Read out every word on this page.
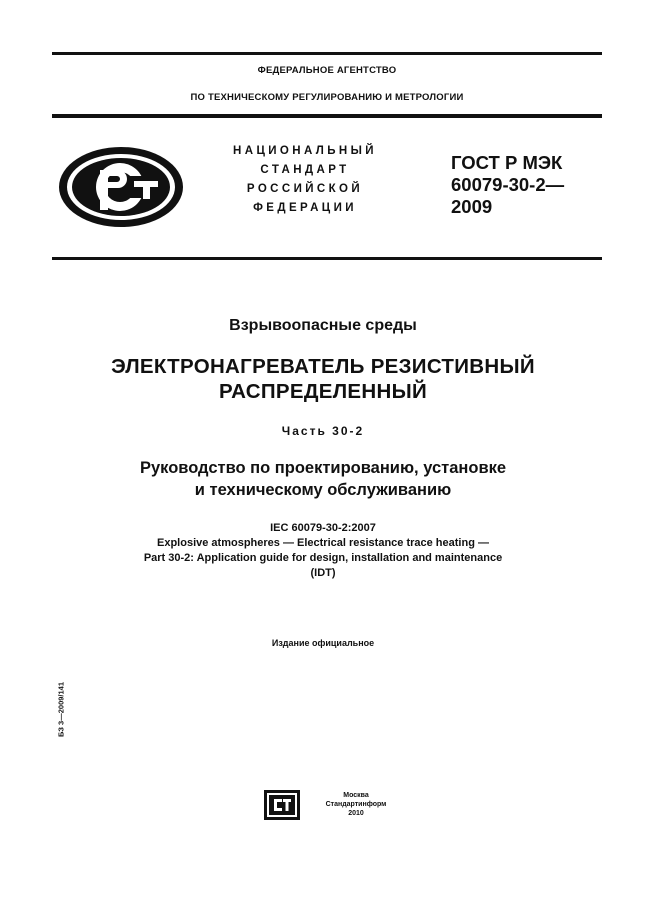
ФЕДЕРАЛЬНОЕ АГЕНТСТВО
ПО ТЕХНИЧЕСКОМУ РЕГУЛИРОВАНИЮ И МЕТРОЛОГИИ
НАЦИОНАЛЬНЫЙ
СТАНДАРТ
РОССИЙСКОЙ
ФЕДЕРАЦИИ
ГОСТ Р МЭК
60079-30-2—
2009
Взрывоопасные среды
ЭЛЕКТРОНАГРЕВАТЕЛЬ РЕЗИСТИВНЫЙ
РАСПРЕДЕЛЕННЫЙ
Часть 30-2
Руководство по проектированию, установке
и техническому обслуживанию
IEC 60079-30-2:2007
Explosive atmospheres — Electrical resistance trace heating —
Part 30-2: Application guide for design, installation and maintenance
(IDT)
Издание официальное
БЗ 3—2009/141
Москва
Стандартинформ
2010
